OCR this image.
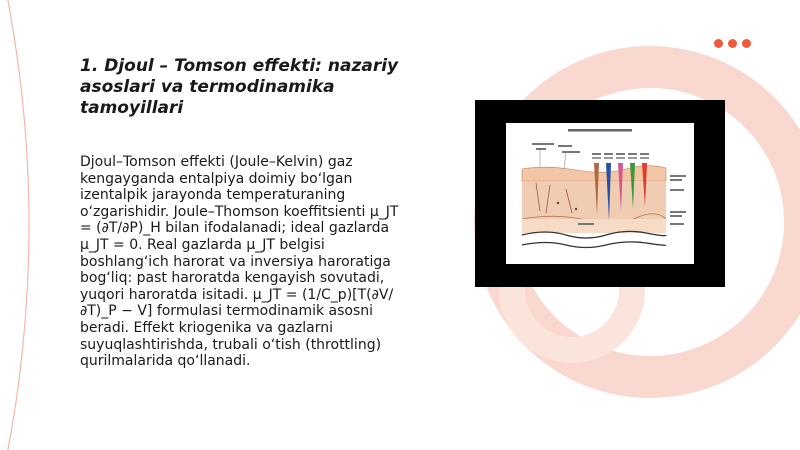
1. Djoul – Tomson effekti: nazariy asoslari va termodinamika tamoyillari
Djoul–Tomson effekti (Joule–Kelvin) gaz kengayganda entalpiya doimiy bo‘lgan izentalpik jarayonda temperaturaning o‘zgarishidir. Joule–Thomson koeffitsienti μ_JT = (∂T/∂P)_H bilan ifodalanadi; ideal gazlarda μ_JT = 0. Real gazlarda μ_JT belgisi boshlang‘ich harorat va inversiya haroratiga bog‘liq: past haroratda kengayish sovutadi, yuqori haroratda isitadi. μ_JT = (1/C_p)[T(∂V/∂T)_P − V] formulasi termodinamik asosni beradi. Effekt kriogenika va gazlarni suyuqlashtirishda, trubali o‘tish (throttling) qurilmalarida qo‘llanadi.
